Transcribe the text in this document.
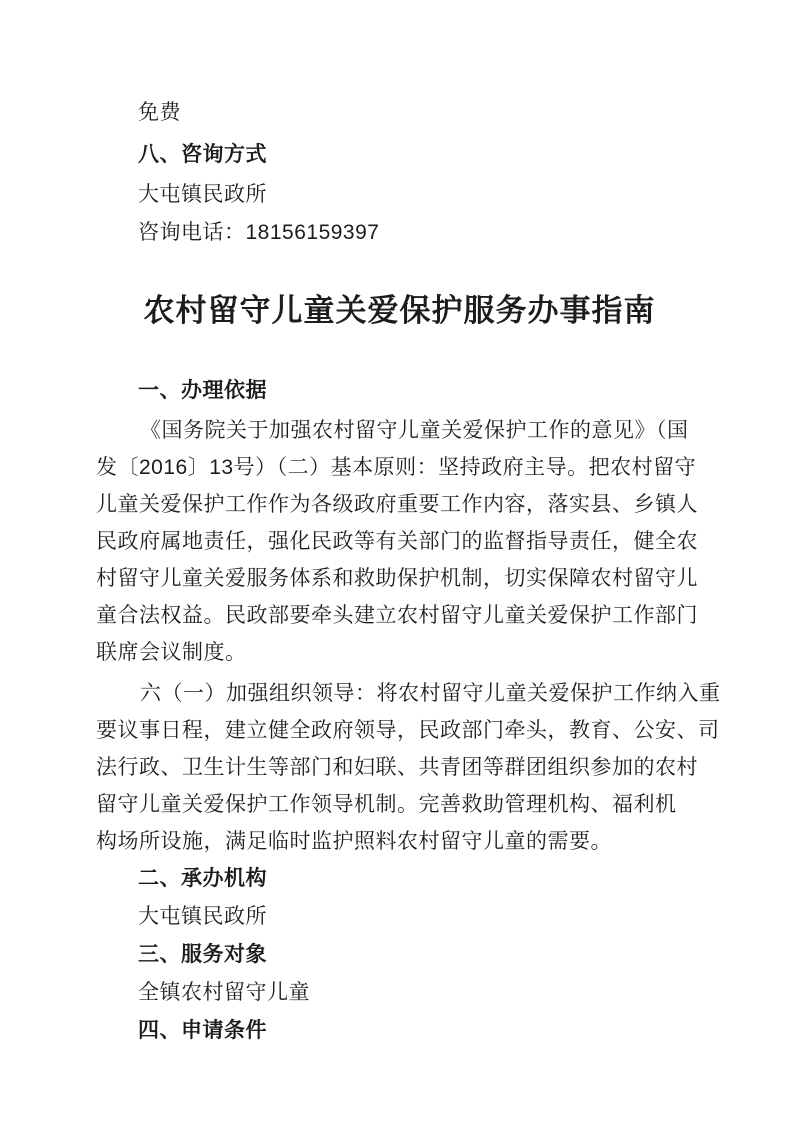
免费
八、咨询方式
大屯镇民政所
咨询电话：18156159397
农村留守儿童关爱保护服务办事指南
一、办理依据
《国务院关于加强农村留守儿童关爱保护工作的意见》（国
发〔2016〕13号）（二）基本原则：坚持政府主导。把农村留守
儿童关爱保护工作作为各级政府重要工作内容，落实县、乡镇人
民政府属地责任，强化民政等有关部门的监督指导责任，健全农
村留守儿童关爱服务体系和救助保护机制，切实保障农村留守儿
童合法权益。民政部要牵头建立农村留守儿童关爱保护工作部门
联席会议制度。
六（一）加强组织领导：将农村留守儿童关爱保护工作纳入重
要议事日程，建立健全政府领导，民政部门牵头，教育、公安、司
法行政、卫生计生等部门和妇联、共青团等群团组织参加的农村
留守儿童关爱保护工作领导机制。完善救助管理机构、福利机
构场所设施，满足临时监护照料农村留守儿童的需要。
二、承办机构
大屯镇民政所
三、服务对象
全镇农村留守儿童
四、申请条件
